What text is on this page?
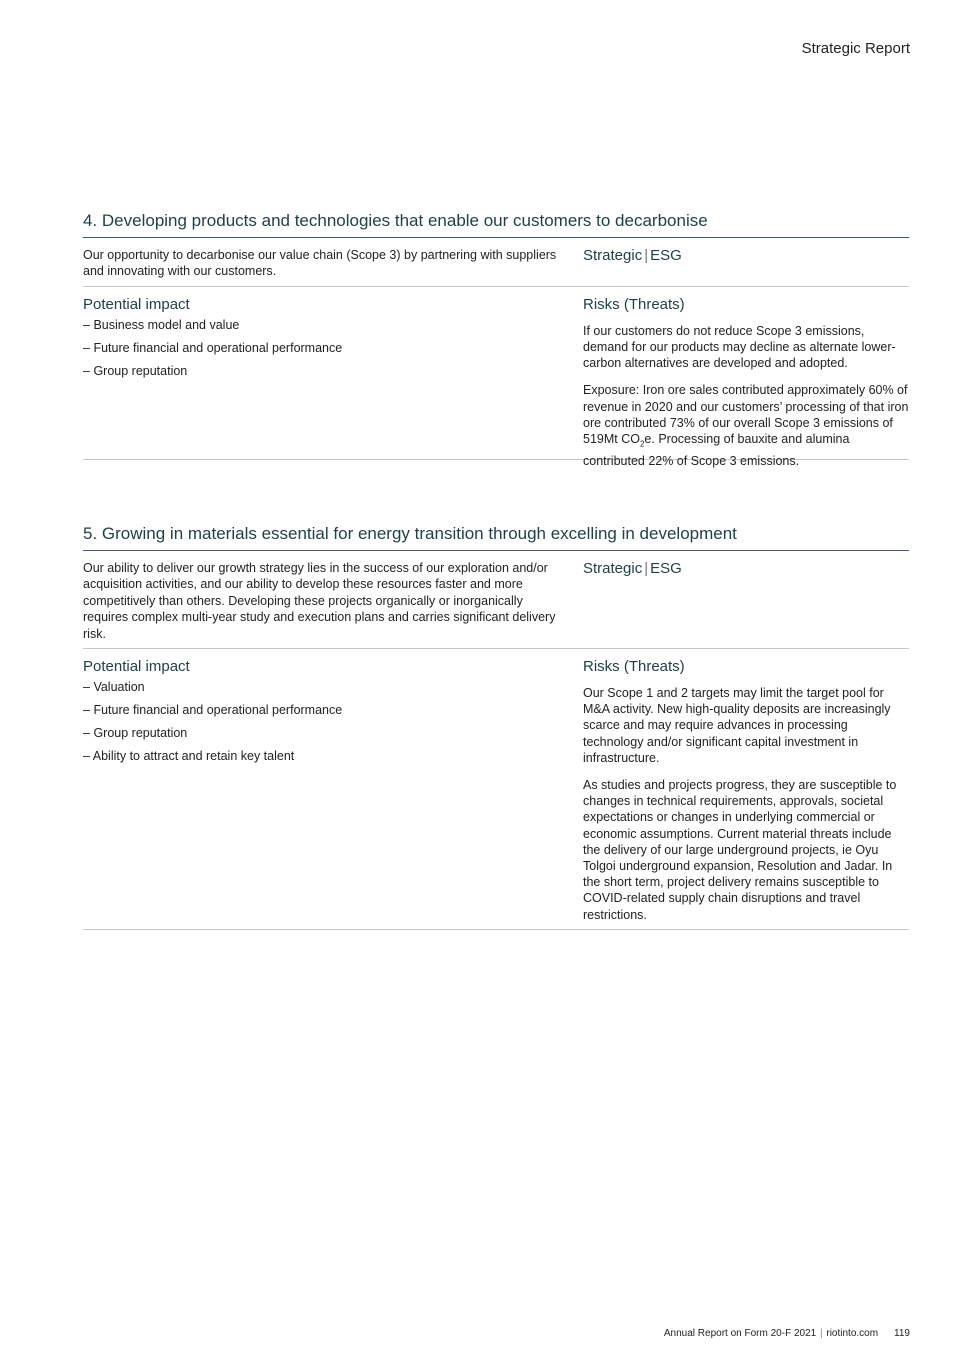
Strategic Report
4. Developing products and technologies that enable our customers to decarbonise
Our opportunity to decarbonise our value chain (Scope 3) by partnering with suppliers and innovating with our customers.
Strategic | ESG
Potential impact
– Business model and value
– Future financial and operational performance
– Group reputation
Risks (Threats)

If our customers do not reduce Scope 3 emissions, demand for our products may decline as alternate lower-carbon alternatives are developed and adopted.

Exposure: Iron ore sales contributed approximately 60% of revenue in 2020 and our customers’ processing of that iron ore contributed 73% of our overall Scope 3 emissions of 519Mt $CO_2e$. Processing of bauxite and alumina contributed 22% of Scope 3 emissions.

5. Growing in materials essential for energy transition through excelling in development
Our ability to deliver our growth strategy lies in the success of our exploration and/or acquisition activities, and our ability to develop these resources faster and more competitively than others. Developing these projects organically or inorganically requires complex multi-year study and execution plans and carries significant delivery risk.
Strategic | ESG
Potential impact
– Valuation
– Future financial and operational performance
– Group reputation
– Ability to attract and retain key talent
Risks (Threats)

Our Scope 1 and 2 targets may limit the target pool for M&A activity. New high-quality deposits are increasingly scarce and may require advances in processing technology and/or significant capital investment in infrastructure.

As studies and projects progress, they are susceptible to changes in technical requirements, approvals, societal expectations or changes in underlying commercial or economic assumptions. Current material threats include the delivery of our large underground projects, ie Oyu Tolgoi underground expansion, Resolution and Jadar. In the short term, project delivery remains susceptible to COVID-related supply chain disruptions and travel restrictions.

Annual Report on Form 20-F 2021 | riotinto.com 119
